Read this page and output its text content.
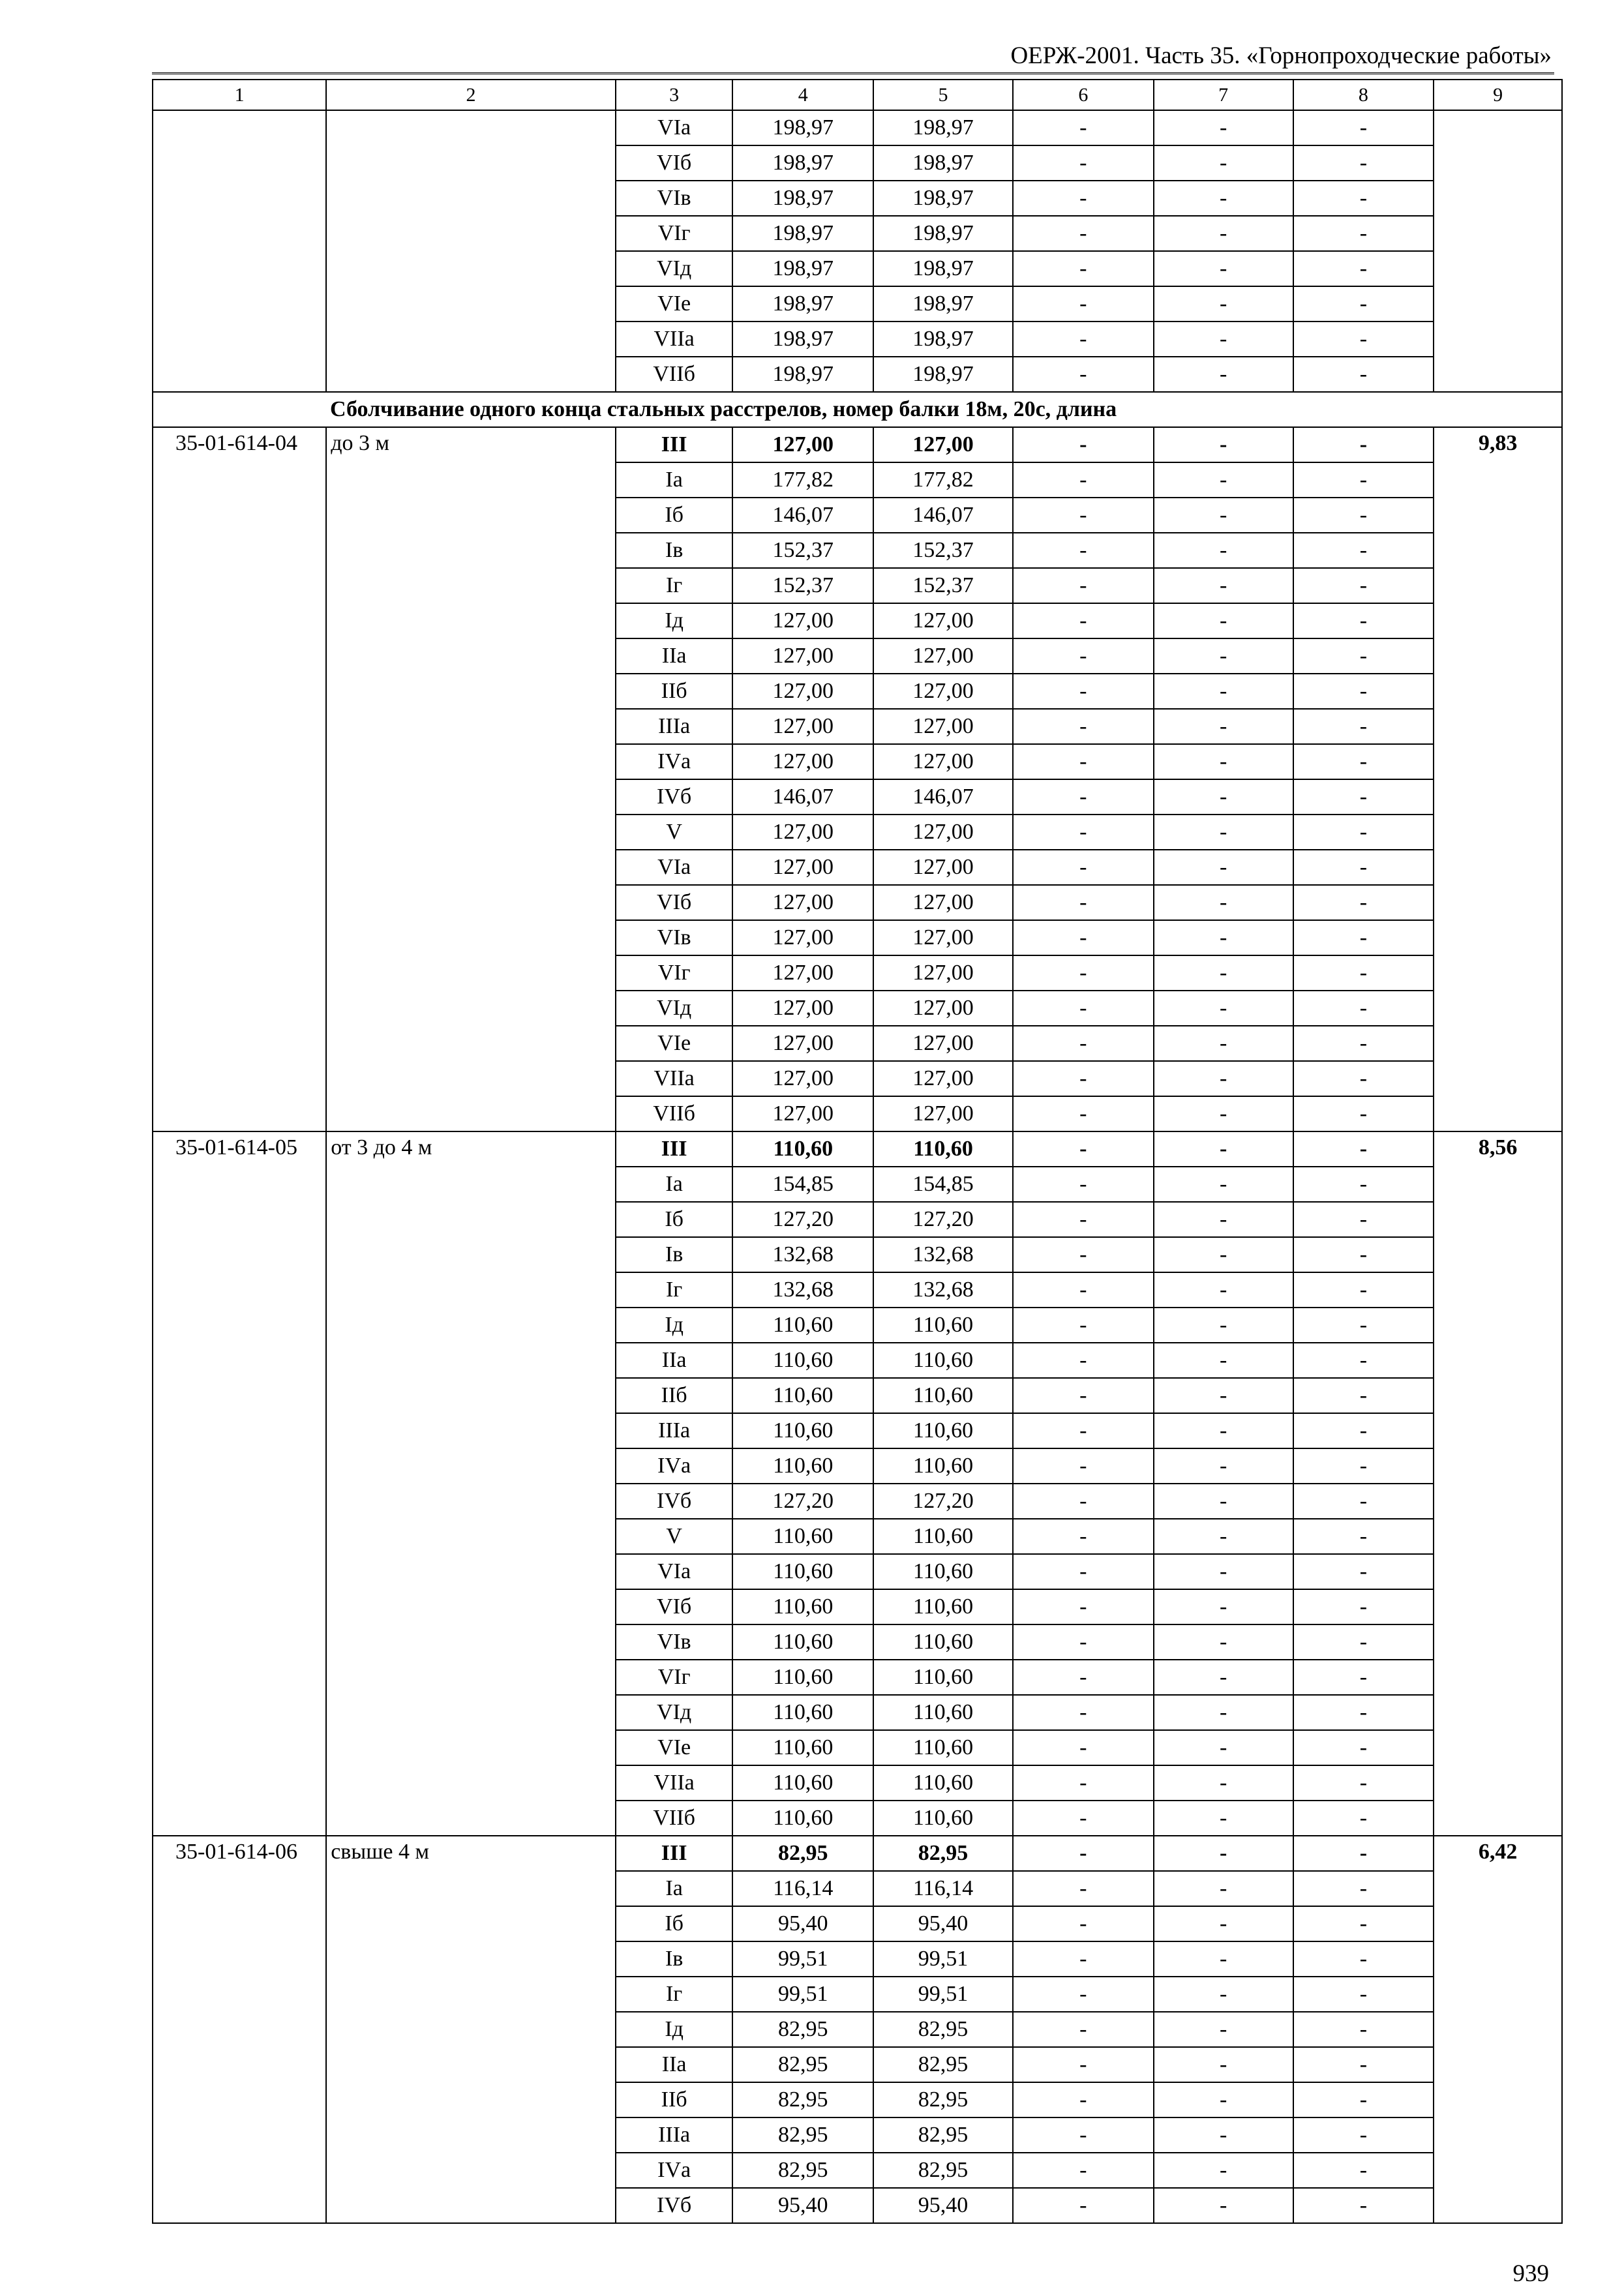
ОЕРЖ-2001. Часть 35. «Горнопроходческие работы»
1	2	3	4	5	6	7	8	9
		VIа	198,97	198,97	-	-	-	
		VIб	198,97	198,97	-	-	-	
		VIв	198,97	198,97	-	-	-	
		VIг	198,97	198,97	-	-	-	
		VIд	198,97	198,97	-	-	-	
		VIе	198,97	198,97	-	-	-	
		VIIа	198,97	198,97	-	-	-	
		VIIб	198,97	198,97	-	-	-	
Сболчивание одного конца стальных расстрелов, номер балки 18м, 20с, длина								
35-01-614-04	до 3 м	III	127,00	127,00	-	-	-	9,83
		Iа	177,82	177,82	-	-	-	
		Iб	146,07	146,07	-	-	-	
		Iв	152,37	152,37	-	-	-	
		Iг	152,37	152,37	-	-	-	
		Iд	127,00	127,00	-	-	-	
		IIа	127,00	127,00	-	-	-	
		IIб	127,00	127,00	-	-	-	
		IIIа	127,00	127,00	-	-	-	
		IVа	127,00	127,00	-	-	-	
		IVб	146,07	146,07	-	-	-	
		V	127,00	127,00	-	-	-	
		VIа	127,00	127,00	-	-	-	
		VIб	127,00	127,00	-	-	-	
		VIв	127,00	127,00	-	-	-	
		VIг	127,00	127,00	-	-	-	
		VIд	127,00	127,00	-	-	-	
		VIе	127,00	127,00	-	-	-	
		VIIа	127,00	127,00	-	-	-	
		VIIб	127,00	127,00	-	-	-	
35-01-614-05	от 3 до 4 м	III	110,60	110,60	-	-	-	8,56
		Iа	154,85	154,85	-	-	-	
		Iб	127,20	127,20	-	-	-	
		Iв	132,68	132,68	-	-	-	
		Iг	132,68	132,68	-	-	-	
		Iд	110,60	110,60	-	-	-	
		IIа	110,60	110,60	-	-	-	
		IIб	110,60	110,60	-	-	-	
		IIIа	110,60	110,60	-	-	-	
		IVа	110,60	110,60	-	-	-	
		IVб	127,20	127,20	-	-	-	
		V	110,60	110,60	-	-	-	
		VIа	110,60	110,60	-	-	-	
		VIб	110,60	110,60	-	-	-	
		VIв	110,60	110,60	-	-	-	
		VIг	110,60	110,60	-	-	-	
		VIд	110,60	110,60	-	-	-	
		VIе	110,60	110,60	-	-	-	
		VIIа	110,60	110,60	-	-	-	
		VIIб	110,60	110,60	-	-	-	
35-01-614-06	свыше 4 м	III	82,95	82,95	-	-	-	6,42
		Iа	116,14	116,14	-	-	-	
		Iб	95,40	95,40	-	-	-	
		Iв	99,51	99,51	-	-	-	
		Iг	99,51	99,51	-	-	-	
		Iд	82,95	82,95	-	-	-	
		IIа	82,95	82,95	-	-	-	
		IIб	82,95	82,95	-	-	-	
		IIIа	82,95	82,95	-	-	-	
		IVа	82,95	82,95	-	-	-	
		IVб	95,40	95,40	-	-	-	
939
